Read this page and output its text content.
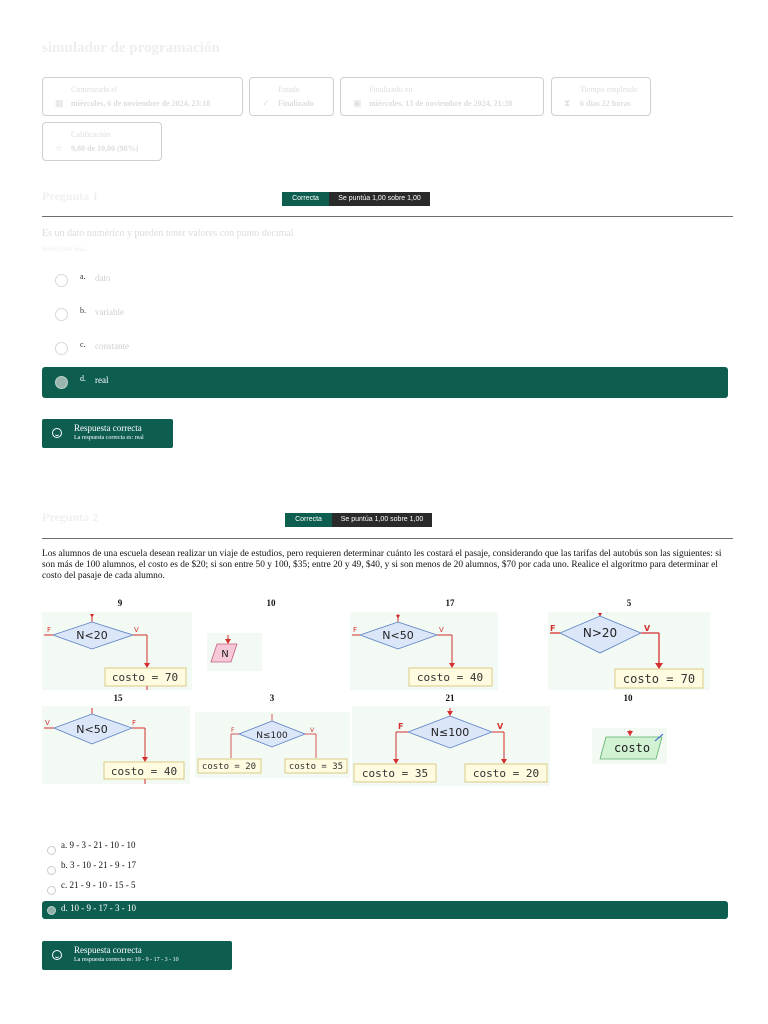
simulador de programación
▦
Comenzado el
miércoles, 6 de noviembre de 2024, 23:18	✓
Estado
Finalizado	▣
Finalizado en
miércoles, 13 de noviembre de 2024, 21:28	⧗
Tiempo empleado
6 días 22 horas
☆
Calificación
9,80 de 10,00 (98%)
Pregunta 1	Correcta	Se puntúa 1,00 sobre 1,00
Es un dato numérico y pueden tener valores con punto decimal
Seleccione una:
a. dato
b. variable
c. constante
d. real
Respuesta correcta
La respuesta correcta es: real
Pregunta 2	Correcta	Se puntúa 1,00 sobre 1,00
Los alumnos de una escuela desean realizar un viaje de estudios, pero requieren determinar cuánto les costará el pasaje, considerando que las tarifas del autobús son las siguientes: si son más de 100 alumnos, el costo es de $20; si son entre 50 y 100, $35; entre 20 y 49, $40, y si son menos de 20 alumnos, $70 por cada uno. Realice el algoritmo para determinar el costo del pasaje de cada alumno.
9	10	17	5
15	3	21	10
N<20
F	V
costo = 70
N
N<50
F	V
costo = 40
N>20
F	V
costo = 70
N<50
V	F
costo = 40
N≤100
F	V
costo = 20	costo = 35
N≤100
F	V
costo = 35	costo = 20
costo
a. 9 - 3 - 21 - 10 - 10
b. 3 - 10 - 21 - 9 - 17
c. 21 - 9 - 10 - 15 - 5
d. 10 - 9 - 17 - 3 - 10
Respuesta correcta
La respuesta correcta es: 10 - 9 - 17 - 3 - 10
